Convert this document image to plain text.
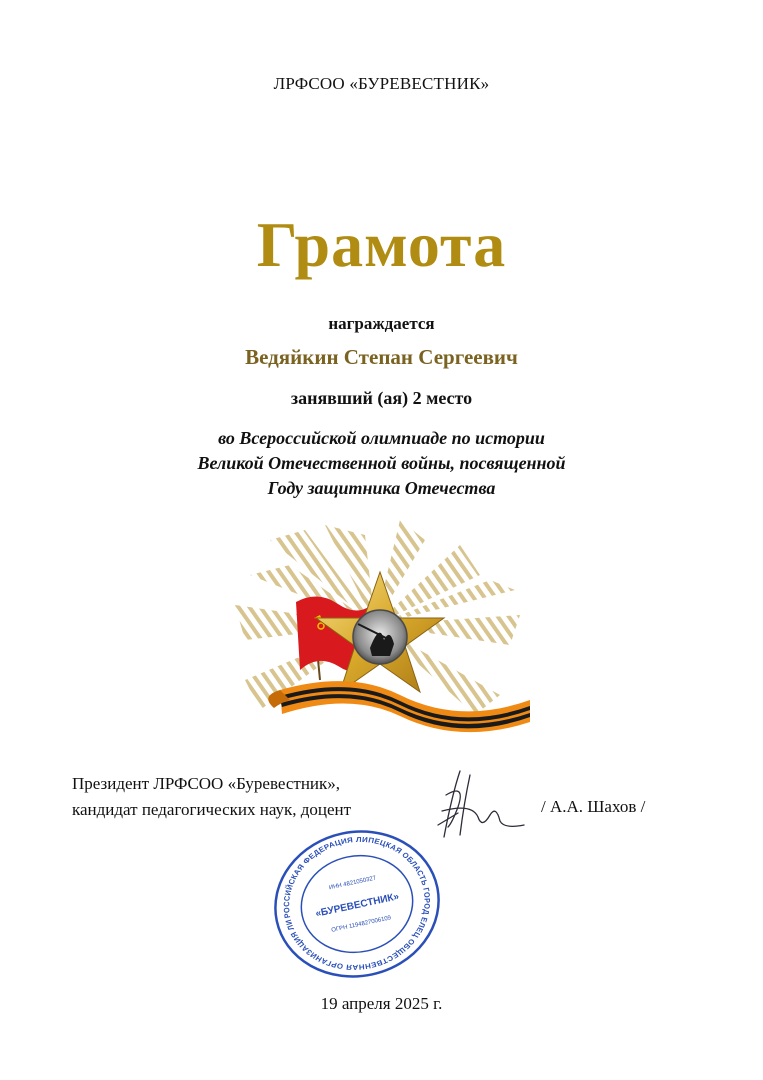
ЛРФСОО «БУРЕВЕСТНИК»
Грамота
награждается
Ведяйкин Степан Сергеевич
занявший (ая) 2 место
во Всероссийской олимпиаде по истории
Великой Отечественной войны, посвященной
Году защитника Отечества
Президент ЛРФСОО «Буревестник»,
кандидат педагогических наук, доцент	/ А.А. Шахов /
РОССИЙСКАЯ ФЕДЕРАЦИЯ ЛИПЕЦКАЯ ОБЛАСТЬ ГОРОД ЕЛЕЦ ОБЩЕСТВЕННАЯ ОРГАНИЗАЦИЯ ЛИПЕЦКАЯ
ИНН 4821050327
«БУРЕВЕСТНИК»
ОГРН 1194827006109
19 апреля 2025 г.
